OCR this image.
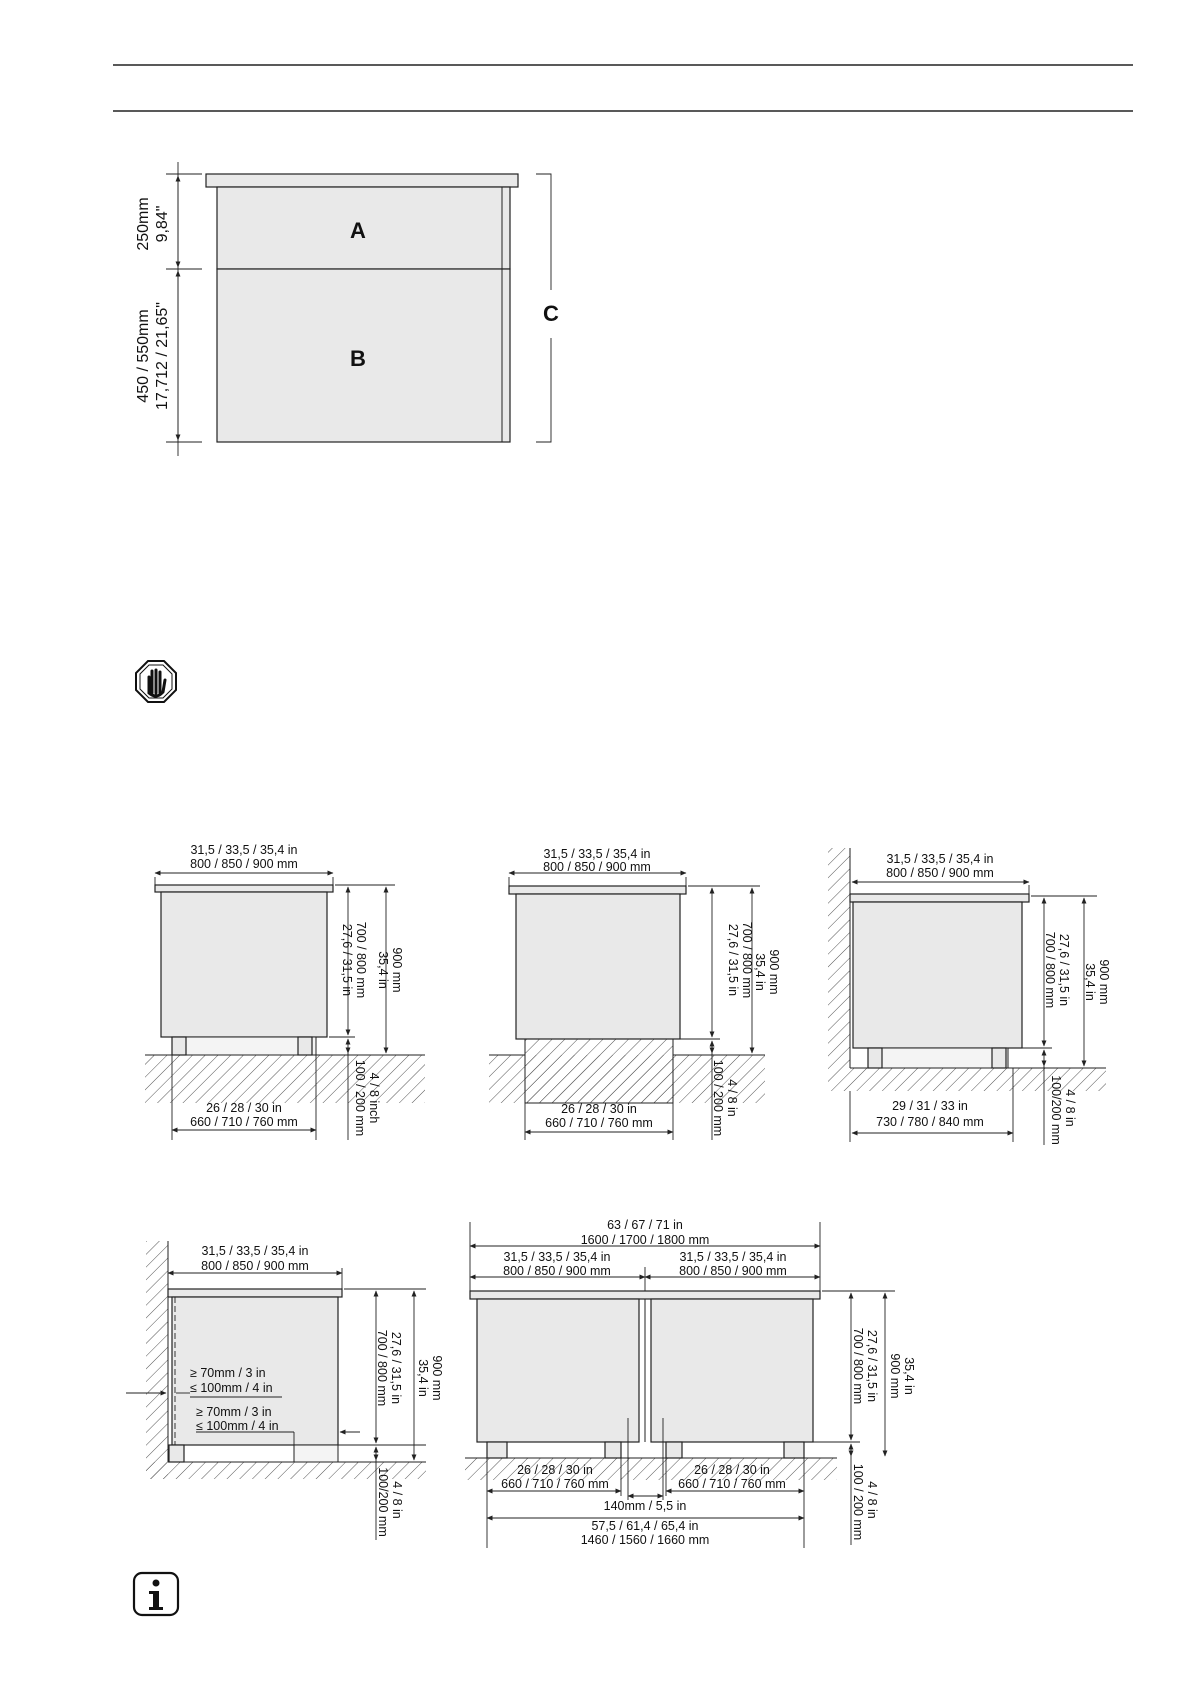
A
B
250mm 9,84"
450 / 550mm 17,712 / 21,65"	C
31,5 / 33,5 / 35,4 in
800 / 850 / 900 mm
27,6 / 31,5 in 700 / 800 mm 35,4 in 900 mm
4 / 8 inch
100 / 200 mm
26 / 28 / 30 in
660 / 710 / 760 mm
31,5 / 33,5 / 35,4 in
800 / 850 / 900 mm
27,6 / 31,5 in 700 / 800 mm 35,4 in 900 mm
4 / 8 in
100 / 200 mm
26 / 28 / 30 in
660 / 710 / 760 mm
31,5 / 33,5 / 35,4 in
800 / 850 / 900 mm
27,6 / 31,5 in
700 / 800 mm 35,4 in 900 mm
4 / 8 in
100/200 mm
29 / 31 / 33 in
730 / 780 / 840 mm
31,5 / 33,5 / 35,4 in
800 / 850 / 900 mm
27,6 / 31,5 in
700 / 800 mm 35,4 in 900 mm
4 / 8 in
100/200 mm
≥ 70mm / 3 in
≤ 100mm / 4 in
≥ 70mm / 3 in
≤ 100mm / 4 in
63 / 67 / 71 in
1600 / 1700 / 1800 mm
31,5 / 33,5 / 35,4 in
800 / 850 / 900 mm
31,5 / 33,5 / 35,4 in
800 / 850 / 900 mm
27,6 / 31,5 in
700 / 800 mm	35,4 in
900 mm
4 / 8 in
100 / 200 mm
26 / 28 / 30 in
660 / 710 / 760 mm
26 / 28 / 30 in
660 / 710 / 760 mm
140mm / 5,5 in
57,5 / 61,4 / 65,4 in
1460 / 1560 / 1660 mm
